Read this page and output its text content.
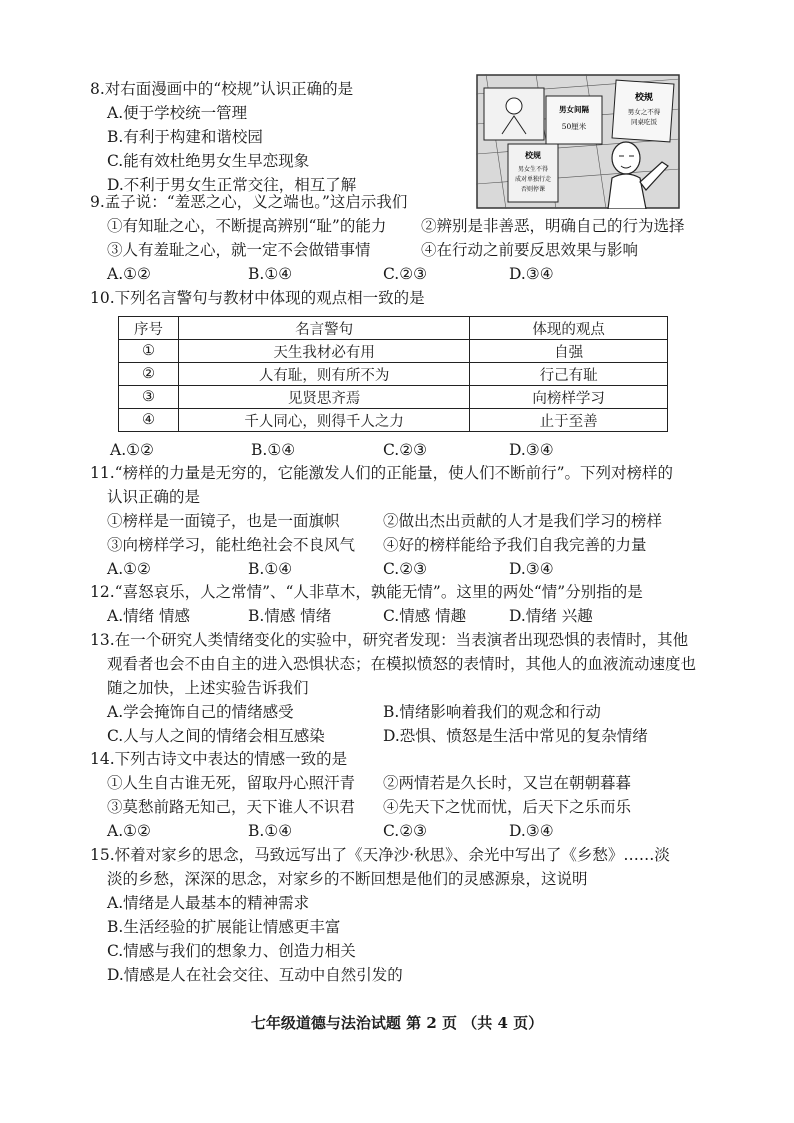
8.对右面漫画中的“校规”认识正确的是
A.便于学校统一管理
B.有利于构建和谐校园
C.能有效杜绝男女生早恋现象
D.不利于男女生正常交往，相互了解
男女间隔
50厘米
校规
男女之不得
同桌吃饭
校规
男女生不得
成对单独行走
否则停课
9.孟子说：“羞恶之心，义之端也。”这启示我们
①有知耻之心，不断提高辨别“耻”的能力 ②辨别是非善恶，明确自己的行为选择
③人有羞耻之心，就一定不会做错事情	④在行动之前要反思效果与影响
A.①②	B.①④	C.②③	D.③④
10.下列名言警句与教材中体现的观点相一致的是
序号	名言警句	体现的观点
①	天生我材必有用	自强
②	人有耻，则有所不为	行己有耻
③	见贤思齐焉	向榜样学习
④	千人同心，则得千人之力	止于至善
A.①②	B.①④	C.②③	D.③④
11.“榜样的力量是无穷的，它能激发人们的正能量，使人们不断前行”。下列对榜样的
认识正确的是
①榜样是一面镜子，也是一面旗帜	②做出杰出贡献的人才是我们学习的榜样
③向榜样学习，能杜绝社会不良风气 ④好的榜样能给予我们自我完善的力量
A.①②	B.①④	C.②③	D.③④
12.“喜怒哀乐，人之常情”、“人非草木，孰能无情”。这里的两处“情”分别指的是
A.情绪 情感	B.情感 情绪	C.情感 情趣	D.情绪 兴趣
13.在一个研究人类情绪变化的实验中，研究者发现：当表演者出现恐惧的表情时，其他
观看者也会不由自主的进入恐惧状态；在模拟愤怒的表情时，其他人的血液流动速度也
随之加快，上述实验告诉我们
A.学会掩饰自己的情绪感受	B.情绪影响着我们的观念和行动
C.人与人之间的情绪会相互感染	D.恐惧、愤怒是生活中常见的复杂情绪
14.下列古诗文中表达的情感一致的是
①人生自古谁无死，留取丹心照汗青 ②两情若是久长时，又岂在朝朝暮暮
③莫愁前路无知己，天下谁人不识君 ④先天下之忧而忧，后天下之乐而乐
A.①②	B.①④	C.②③	D.③④
15.怀着对家乡的思念，马致远写出了《天净沙·秋思》、余光中写出了《乡愁》……淡
淡的乡愁，深深的思念，对家乡的不断回想是他们的灵感源泉，这说明
A.情绪是人最基本的精神需求
B.生活经验的扩展能让情感更丰富
C.情感与我们的想象力、创造力相关
D.情感是人在社会交往、互动中自然引发的
七年级道德与法治试题 第 2 页 （共 4 页）
